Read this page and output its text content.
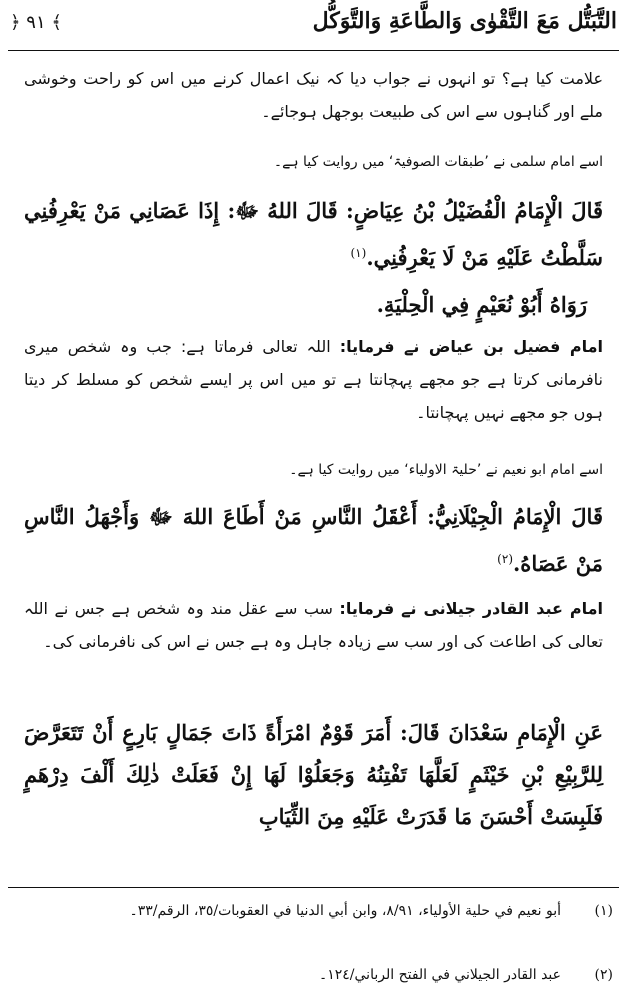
التَّبَتُّل مَعَ التَّقْوٰى وَالطَّاعَةِ وَالتَّوَكُّل
﴿ ٩١ ﴾

علامت کیا ہے؟ تو انہوں نے جواب دیا کہ نیک اعمال کرنے میں اس کو راحت وخوشی ملے اور گناہوں سے اس کی طبیعت بوجھل ہوجائے۔

اسے امام سلمی نے ’طبقات الصوفیۃ‘ میں روایت کیا ہے۔

قَالَ الْإِمَامُ الْفُضَيْلُ بْنُ عِيَاضٍ: قَالَ اللهُ ﷻ: إِذَا عَصَانِي مَنْ يَعْرِفُنِي سَلَّطْتُ عَلَيْهِ مَنْ لَا يَعْرِفُنِي.$^{(١)}$

رَوَاهُ أَبُوْ نُعَيْمٍ فِي الْحِلْيَةِ.

امام فضیل بن عیاض نے فرمایا: اللہ تعالی فرماتا ہے: جب وہ شخص میری نافرمانی کرتا ہے جو مجھے پہچانتا ہے تو میں اس پر ایسے شخص کو مسلط کر دیتا ہوں جو مجھے نہیں پہچانتا۔

اسے امام ابو نعیم نے ’حلیۃ الاولیاء‘ میں روایت کیا ہے۔

قَالَ الْإِمَامُ الْجِيْلَانِيُّ: أَعْقَلُ النَّاسِ مَنْ أَطَاعَ اللهَ ﷻ وَأَجْهَلُ النَّاسِ مَنْ عَصَاهُ.$^{(٢)}$

امام عبد القادر جیلانی نے فرمایا: سب سے عقل مند وہ شخص ہے جس نے اللہ تعالی کی اطاعت کی اور سب سے زیادہ جاہل وہ ہے جس نے اس کی نافرمانی کی۔

عَنِ الْإِمَامِ سَعْدَانَ قَالَ: أَمَرَ قَوْمٌ امْرَأَةً ذَاتَ جَمَالٍ بَارِعٍ أَنْ تَتَعَرَّضَ لِلرَّبِيْعِ بْنِ خَيْثَمٍ لَعَلَّهَا تَفْتِنُهُ وَجَعَلُوْا لَهَا إِنْ فَعَلَتْ ذٰلِكَ أَلْفَ دِرْهَمٍ فَلَبِسَتْ أَحْسَنَ مَا قَدَرَتْ عَلَيْهِ مِنَ الثِّيَابِ

(١)
أبو نعيم في حلية الأولياء، ٨/٩١، وابن أبي الدنيا في العقوبات/٣٥، الرقم/٣٣۔
(٢)
عبد القادر الجيلاني في الفتح الرباني/١٢٤۔
